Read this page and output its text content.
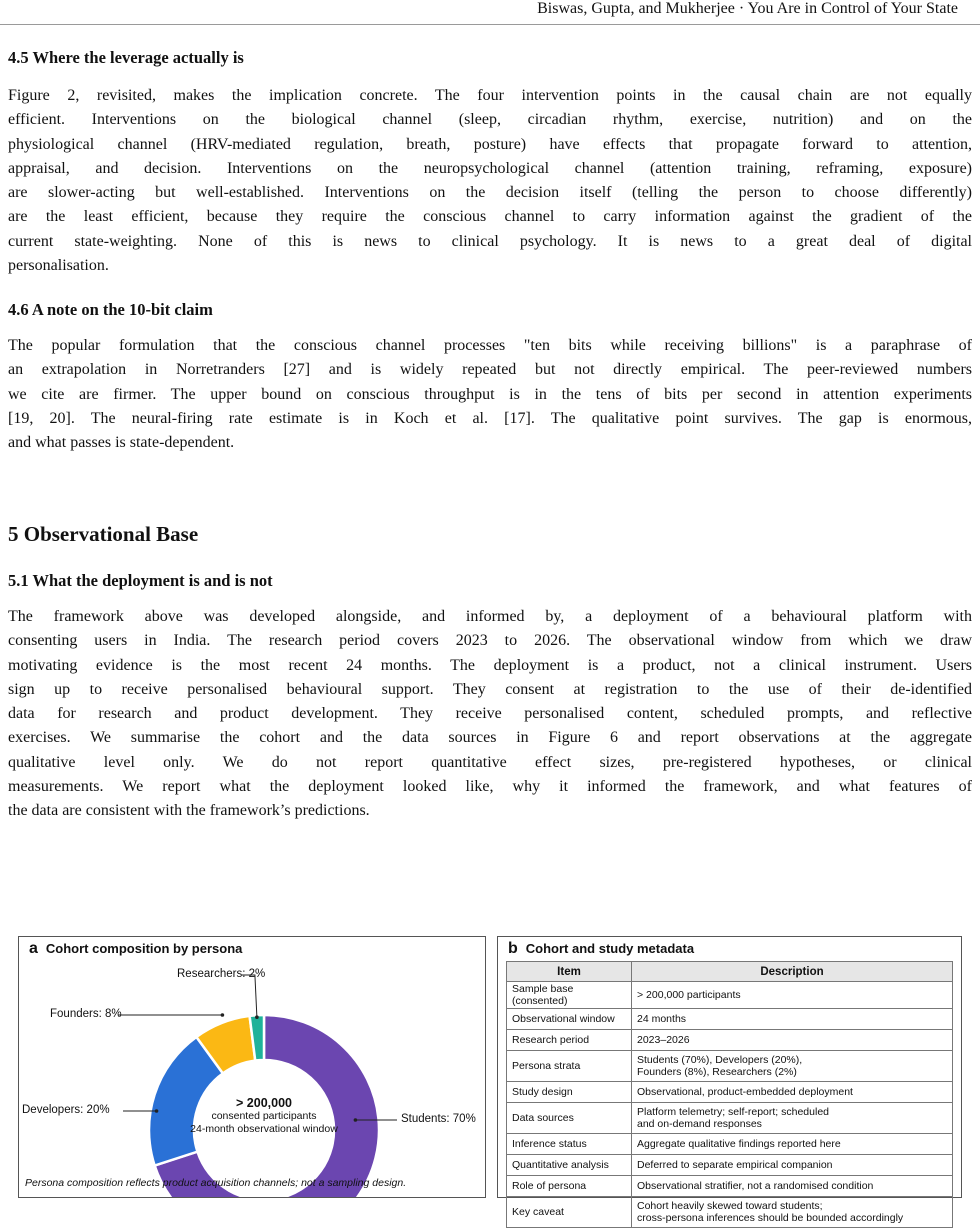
Biswas, Gupta, and Mukherjee · You Are in Control of Your State
4.5 Where the leverage actually is
Figure 2, revisited, makes the implication concrete. The four intervention points in the causal chain are not equally
efficient. Interventions on the biological channel (sleep, circadian rhythm, exercise, nutrition) and on the
physiological channel (HRV-mediated regulation, breath, posture) have effects that propagate forward to attention,
appraisal, and decision. Interventions on the neuropsychological channel (attention training, reframing, exposure)
are slower-acting but well-established. Interventions on the decision itself (telling the person to choose differently)
are the least efficient, because they require the conscious channel to carry information against the gradient of the
current state-weighting. None of this is news to clinical psychology. It is news to a great deal of digital
personalisation.
4.6 A note on the 10-bit claim
The popular formulation that the conscious channel processes "ten bits while receiving billions" is a paraphrase of
an extrapolation in Norretranders [27] and is widely repeated but not directly empirical. The peer-reviewed numbers
we cite are firmer. The upper bound on conscious throughput is in the tens of bits per second in attention experiments
[19, 20]. The neural-firing rate estimate is in Koch et al. [17]. The qualitative point survives. The gap is enormous,
and what passes is state-dependent.
5 Observational Base
5.1 What the deployment is and is not
The framework above was developed alongside, and informed by, a deployment of a behavioural platform with
consenting users in India. The research period covers 2023 to 2026. The observational window from which we draw
motivating evidence is the most recent 24 months. The deployment is a product, not a clinical instrument. Users
sign up to receive personalised behavioural support. They consent at registration to the use of their de-identified
data for research and product development. They receive personalised content, scheduled prompts, and reflective
exercises. We summarise the cohort and the data sources in Figure 6 and report observations at the aggregate
qualitative level only. We do not report quantitative effect sizes, pre-registered hypotheses, or clinical
measurements. We report what the deployment looked like, why it informed the framework, and what features of
the data are consistent with the framework’s predictions.
a Cohort composition by persona
> 200,000
consented participants
24-month observational window
Researchers: 2%
Founders: 8%
Developers: 20%
Students: 70%
Persona composition reflects product acquisition channels; not a sampling design.
b Cohort and study metadata
Item	Description
Sample base (consented)	> 200,000 participants

Observational window	24 months

Research period	2023–2026

Persona strata	Students (70%), Developers (20%),
Founders (8%), Researchers (2%)

Study design	Observational, product-embedded deployment

Data sources	Platform telemetry; self-report; scheduled
and on-demand responses

Inference status	Aggregate qualitative findings reported here

Quantitative analysis	Deferred to separate empirical companion

Role of persona	Observational stratifier, not a randomised condition

Key caveat	Cohort heavily skewed toward students;
cross-persona inferences should be bounded accordingly
